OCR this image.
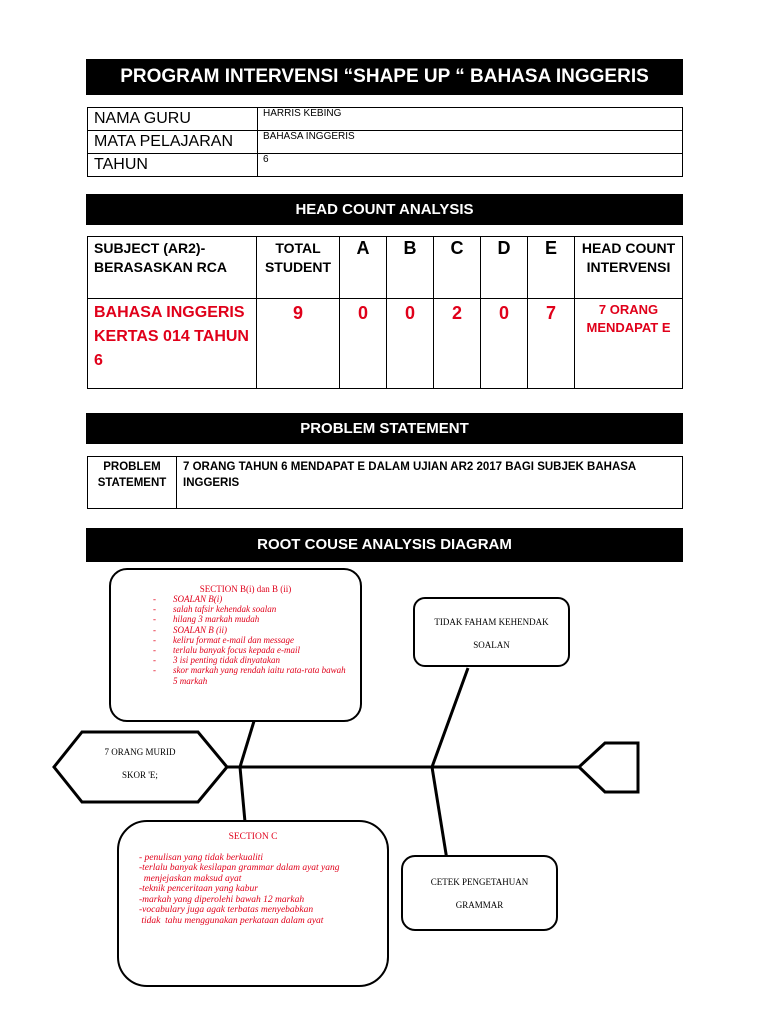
PROGRAM INTERVENSI “SHAPE UP “ BAHASA INGGERIS
NAMA GURU	HARRIS KEBING
MATA PELAJARAN	BAHASA INGGERIS
TAHUN	6
HEAD COUNT ANALYSIS
SUBJECT (AR2)-BERASASKAN RCA	TOTAL STUDENT	A	B	C	D	E	HEAD COUNT INTERVENSI
BAHASA INGGERIS KERTAS 014 TAHUN 6	9	0	0	2	0	7	7 ORANG MENDAPAT E
PROBLEM STATEMENT
PROBLEM STATEMENT	7 ORANG TAHUN 6 MENDAPAT E DALAM UJIAN AR2 2017 BAGI SUBJEK BAHASA INGGERIS
ROOT COUSE ANALYSIS DIAGRAM
7 ORANG MURID
SKOR 'E;
SECTION B(i) dan B (ii)
- SOALAN B(i)
- salah tafsir kehendak soalan
- hilang 3 markah mudah
- SOALAN B (ii)
- keliru format e-mail dan message
- terlalu banyak focus kepada e-mail
- 3 isi penting tidak dinyatakan
- skor markah yang rendah iaitu rata-rata bawah 5 markah
TIDAK FAHAM KEHENDAK
SOALAN
SECTION C

- penulisan yang tidak berkualiti
-terlalu banyak kesilapan grammar dalam ayat yang
menjejaskan maksud ayat
-teknik penceritaan yang kabur
-markah yang diperolehi bawah 12 markah
-vocabulary juga agak terbatas menyebabkan
tidak  tahu menggunakan perkataan dalam ayat

CETEK PENGETAHUAN
GRAMMAR
